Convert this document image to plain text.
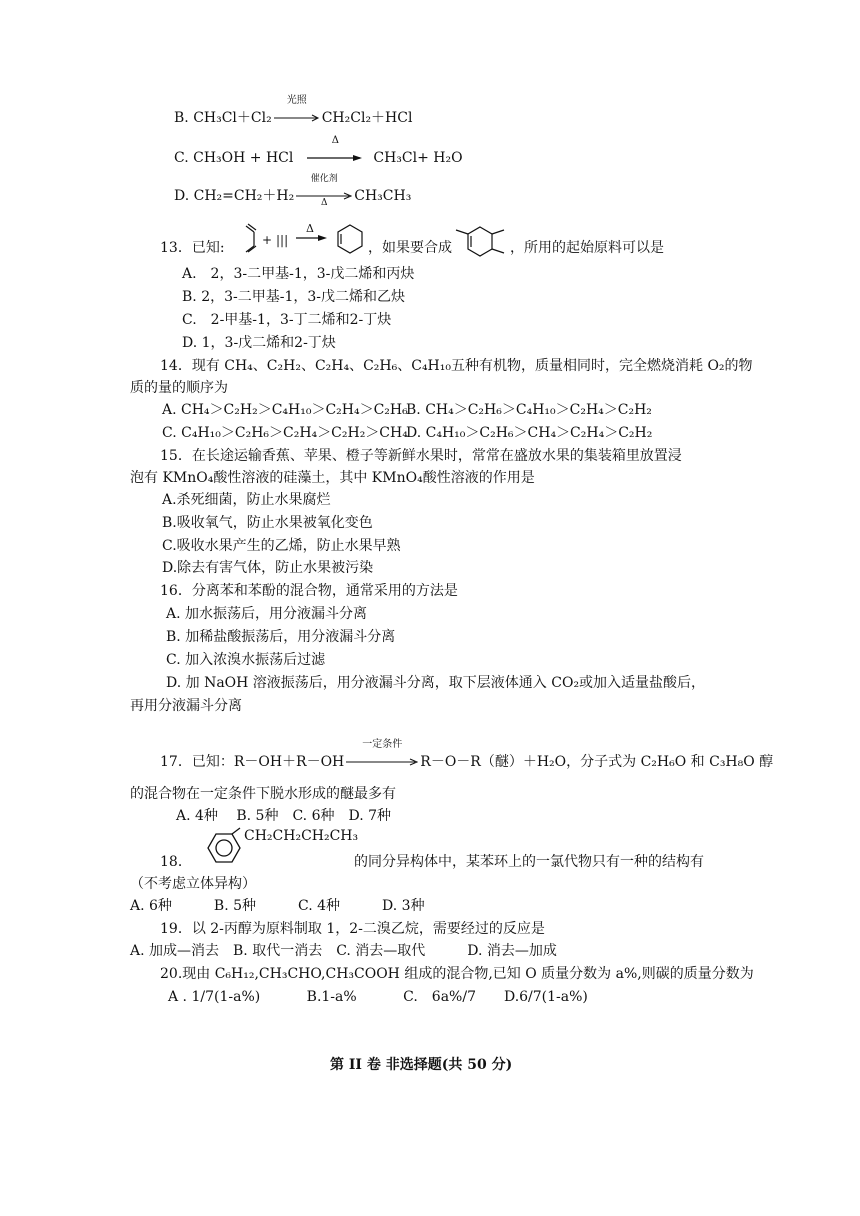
B. CH₃Cl＋Cl₂
光照
CH₂Cl₂＋HCl
C. CH₃OH + HCl
Δ
CH₃Cl+ H₂O
D. CH₂=CH₂＋H₂
催化剂
Δ	CH₃CH₃
13．已知:	+ |||
Δ
，如果要合成	，所用的起始原料可以是
A.　2，3-二甲基-1，3-戊二烯和丙炔
B. 2，3-二甲基-1，3-戊二烯和乙炔
C.　2-甲基-1，3-丁二烯和2-丁炔
D. 1，3-戊二烯和2-丁炔
14．现有 CH₄、C₂H₂、C₂H₄、C₂H₆、C₄H₁₀五种有机物，质量相同时，完全燃烧消耗 O₂的物
质的量的顺序为
A. CH₄＞C₂H₂＞C₄H₁₀＞C₂H₄＞C₂H₆
B. CH₄＞C₂H₆＞C₄H₁₀＞C₂H₄＞C₂H₂
C. C₄H₁₀＞C₂H₆＞C₂H₄＞C₂H₂＞CH₄
D. C₄H₁₀＞C₂H₆＞CH₄＞C₂H₄＞C₂H₂
15．在长途运输香蕉、苹果、橙子等新鲜水果时，常常在盛放水果的集装箱里放置浸
泡有 KMnO₄酸性溶液的硅藻土，其中 KMnO₄酸性溶液的作用是
A.杀死细菌，防止水果腐烂
B.吸收氧气，防止水果被氧化变色
C.吸收水果产生的乙烯，防止水果早熟
D.除去有害气体，防止水果被污染
16．分离苯和苯酚的混合物，通常采用的方法是
A. 加水振荡后，用分液漏斗分离
B. 加稀盐酸振荡后，用分液漏斗分离
C. 加入浓溴水振荡后过滤
D. 加 NaOH 溶液振荡后，用分液漏斗分离，取下层液体通入 CO₂或加入适量盐酸后，
再用分液漏斗分离
17．已知：R－OH＋R－OH
一定条件
R－O－R（醚）＋H₂O，分子式为 C₂H₆O 和 C₃H₈O 醇
的混合物在一定条件下脱水形成的醚最多有
A. 4种　 B. 5种　C. 6种　D. 7种
18．
CH₂CH₂CH₂CH₃
的同分异构体中，某苯环上的一氯代物只有一种的结构有
（不考虑立体异构）
A. 6种　　　B. 5种　　　C. 4种　　　D. 3种
19．以 2-丙醇为原料制取 1，2-二溴乙烷，需要经过的反应是
A. 加成—消去　B. 取代一消去　C. 消去—取代　　　D. 消去—加成
20.现由 C₆H₁₂,CH₃CHO,CH₃COOH 组成的混合物,已知 O 质量分数为 a%,则碳的质量分数为
A . 1/7(1-a%)　　　 B.1-a%　　　 C.　6a%/7　　D.6/7(1-a%)
第 II 卷 非选择题(共 50 分)
